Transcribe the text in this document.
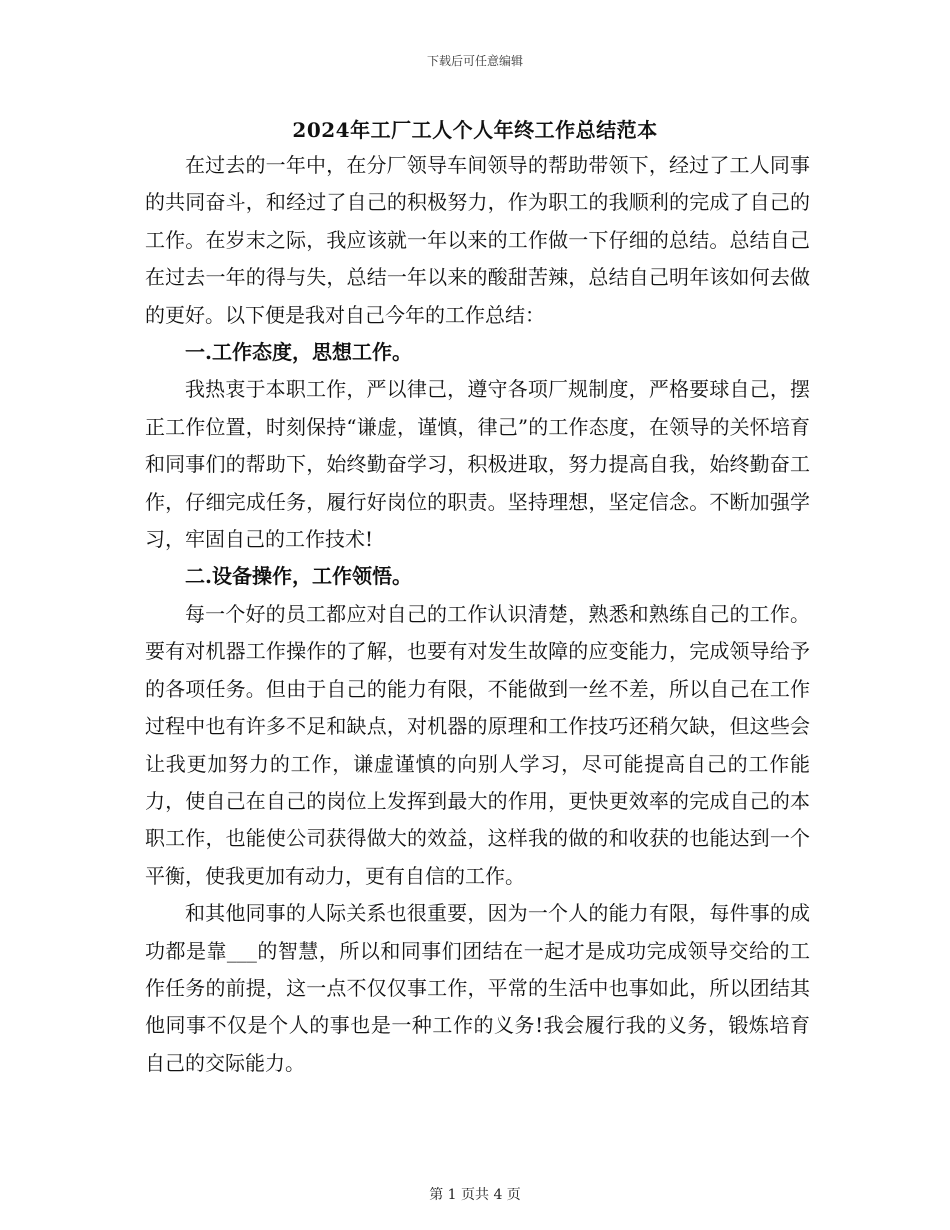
下载后可任意编辑
2024年工厂工人个人年终工作总结范本

在过去的一年中，在分厂领导车间领导的帮助带领下，经过了工人同事的共同奋斗，和经过了自己的积极努力，作为职工的我顺利的完成了自己的工作。在岁末之际，我应该就一年以来的工作做一下仔细的总结。总结自己在过去一年的得与失，总结一年以来的酸甜苦辣，总结自己明年该如何去做的更好。以下便是我对自己今年的工作总结：

一.工作态度，思想工作。

我热衷于本职工作，严以律己，遵守各项厂规制度，严格要球自己，摆正工作位置，时刻保持“谦虚，谨慎，律己”的工作态度，在领导的关怀培育和同事们的帮助下，始终勤奋学习，积极进取，努力提高自我，始终勤奋工作，仔细完成任务，履行好岗位的职责。坚持理想，坚定信念。不断加强学习，牢固自己的工作技术!

二.设备操作，工作领悟。

每一个好的员工都应对自己的工作认识清楚，熟悉和熟练自己的工作。要有对机器工作操作的了解，也要有对发生故障的应变能力，完成领导给予的各项任务。但由于自己的能力有限，不能做到一丝不差，所以自己在工作过程中也有许多不足和缺点，对机器的原理和工作技巧还稍欠缺，但这些会让我更加努力的工作，谦虚谨慎的向别人学习，尽可能提高自己的工作能力，使自己在自己的岗位上发挥到最大的作用，更快更效率的完成自己的本职工作，也能使公司获得做大的效益，这样我的做的和收获的也能达到一个平衡，使我更加有动力，更有自信的工作。

和其他同事的人际关系也很重要，因为一个人的能力有限，每件事的成功都是靠___的智慧，所以和同事们团结在一起才是成功完成领导交给的工作任务的前提，这一点不仅仅事工作，平常的生活中也事如此，所以团结其他同事不仅是个人的事也是一种工作的义务!我会履行我的义务，锻炼培育自己的交际能力。

第 1 页共 4 页
